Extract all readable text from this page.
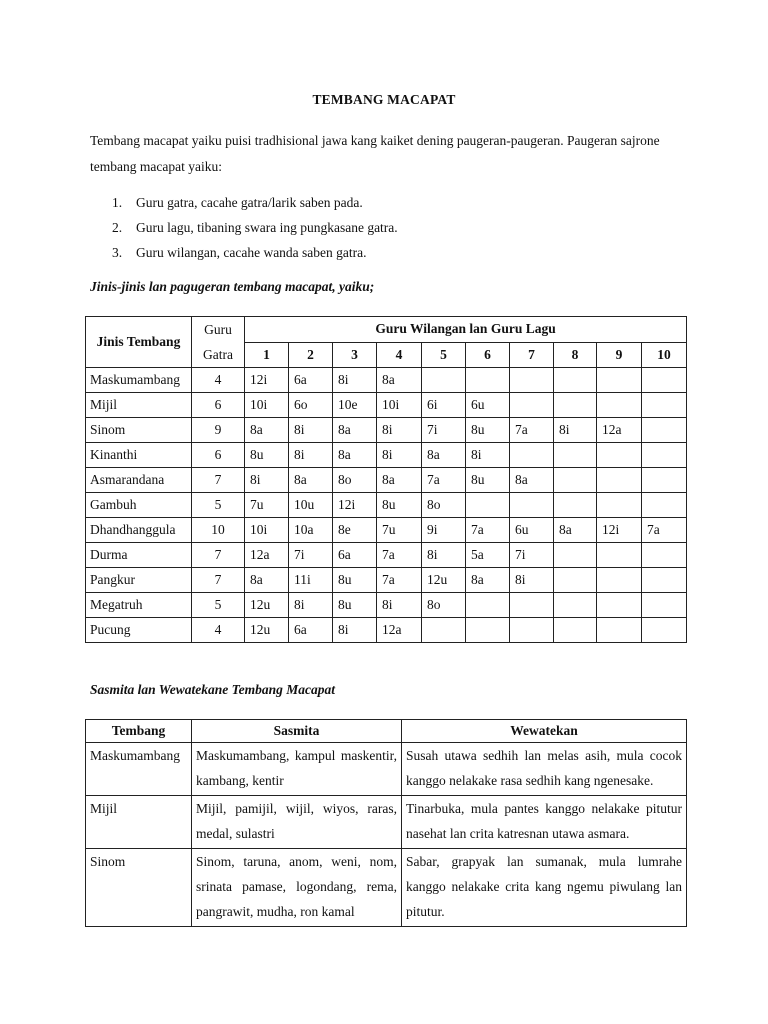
TEMBANG MACAPAT
Tembang macapat yaiku puisi tradhisional jawa kang kaiket dening paugeran-paugeran. Paugeran sajrone tembang macapat yaiku:
1. Guru gatra, cacahe gatra/larik saben pada.
2. Guru lagu, tibaning swara ing pungkasane gatra.
3. Guru wilangan, cacahe wanda saben gatra.
Jinis-jinis lan pagugeran tembang macapat, yaiku;
Jinis Tembang	Guru Gatra	Guru Wilangan lan Guru Lagu									
		1	2	3	4	5	6	7	8	9	10
Maskumambang	4	12i	6a	8i	8a						
Mijil	6	10i	6o	10e	10i	6i	6u				
Sinom	9	8a	8i	8a	8i	7i	8u	7a	8i	12a	
Kinanthi	6	8u	8i	8a	8i	8a	8i				
Asmarandana	7	8i	8a	8o	8a	7a	8u	8a			
Gambuh	5	7u	10u	12i	8u	8o					
Dhandhanggula	10	10i	10a	8e	7u	9i	7a	6u	8a	12i	7a
Durma	7	12a	7i	6a	7a	8i	5a	7i			
Pangkur	7	8a	11i	8u	7a	12u	8a	8i			
Megatruh	5	12u	8i	8u	8i	8o					
Pucung	4	12u	6a	8i	12a						
Sasmita lan Wewatekane Tembang Macapat
Tembang	Sasmita	Wewatekan
Maskumambang	Maskumambang, kampul maskentir, kambang, kentir	Susah utawa sedhih lan melas asih, mula cocok kanggo nelakake rasa sedhih kang ngenesake.
Mijil	Mijil, pamijil, wijil, wiyos, raras, medal, sulastri	Tinarbuka, mula pantes kanggo nelakake pitutur nasehat lan crita katresnan utawa asmara.
Sinom	Sinom, taruna, anom, weni, nom, srinata pamase, logondang, rema, pangrawit, mudha, ron kamal	Sabar, grapyak lan sumanak, mula lumrahe kanggo nelakake crita kang ngemu piwulang lan pitutur.
